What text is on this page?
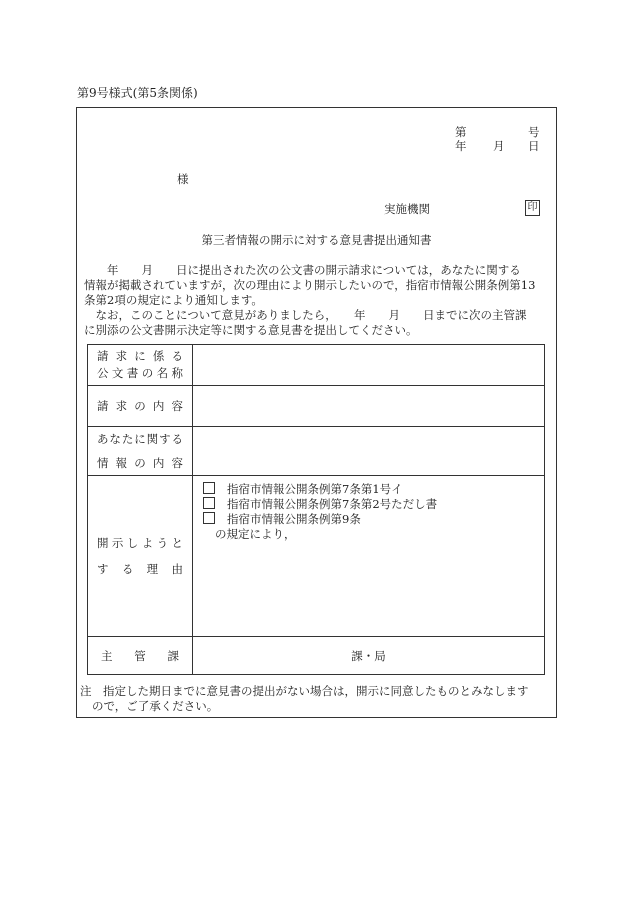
第9号様式(第5条関係)
第	号
年 月 日
様
実施機関	印
第三者情報の開示に対する意見書提出通知書
　　年　　月　　日に提出された次の公文書の開示請求については，あなたに関する
情報が掲載されていますが，次の理由により開示したいので，指宿市情報公開条例第13
条第2項の規定により通知します。
　なお，このことについて意見がありましたら，　　年　　月　　日までに次の主管課
に別添の公文書開示決定等に関する意見書を提出してください。
請求に係る
公文書の名称	

請求の内容	

あなたに関する
情報の内容	

開示しようと
する理由	指宿市情報公開条例第7条第1号イ
指宿市情報公開条例第7条第2号ただし書
指宿市情報公開条例第9条
の規定により，

主管課	課・局
注　指定した期日までに意見書の提出がない場合は，開示に同意したものとみなします
ので，ご了承ください。
